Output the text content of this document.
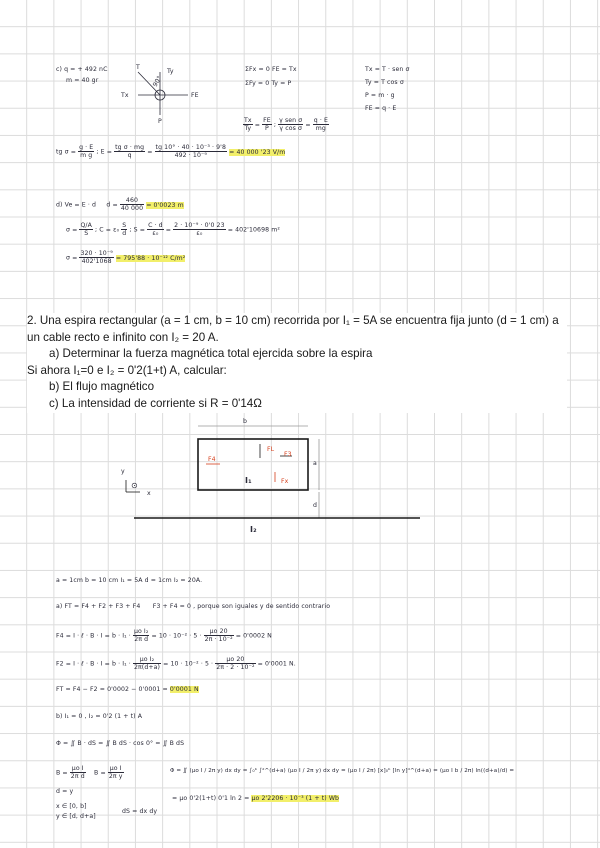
c) q = + 492 nC
m = 40 gr
T
Ty
Tx
90°
FE
P
ΣFx = 0 FE = Tx
ΣFy = 0 Ty = P
Tx = T · sen σ
Ty = T cos σ
P = m · g
FE = q · E
$\frac{Tx}{Ty} = \frac{FE}{P}$ ; $\frac{\text{γ sen σ}}{\text{γ cos σ}} = \frac{q \cdot E}{mg}$
tg $\sigma = \frac{g \cdot E}{\text{m g}}$ ; $E = \frac{\text{tg σ · mg}}{q} = \frac{\text{tg 10° · 40 · 10⁻³ · 9'8}}{\text{492 · 10⁻⁹}} = 40$ 000 '23 V/m
d) Ve = E · d $d = \frac{460}{40 000} = 0'0023$ m
$\sigma = \frac{Q/A}{S}$ ; $C = \varepsilon_0 \frac{S}{d}$ ; $S = \frac{C \cdot d}{\text{ε₀}} = \frac{\text{2 · 10⁻⁹ · 0'0 23}}{\text{ε₀}} = 402'10698$ m²
$\sigma = \frac{\text{320 · 10⁻⁹}}{402'1068} = 795'88 \cdot 10^{-12}$ C/m²

2. Una espira rectangular (a = 1 cm, b = 10 cm) recorrida por I₁ = 5A se encuentra fija junto (d = 1 cm) a un cable recto e infinito con I₂ = 20 A.

a) Determinar la fuerza magnética total ejercida sobre la espira

Si ahora I₁=0 e I₂ = 0'2(1+t) A, calcular:

b) El flujo magnético

c) La intensidad de corriente si R = 0'14Ω

b
a
d
FL
F3
F4
Fx
I₁
I₂
y
x
⊙
a = 1cm b = 10 cm I₁ = 5A d = 1cm I₂ = 20A.
a) FT = F4 + F2 + F3 + F4 F3 + F4 = 0 , porque son iguales y de sentido contrario
F4 = I · ℓ · $B \cdot I = b \cdot I_1 \cdot \frac{\text{μo I₂}}{\text{2π d}} = 10 \cdot 10^{-2} \cdot 5 \cdot \frac{\mu o 20}{\text{2π · 10⁻²}} = 0'0002$ N
F2 = I · ℓ · $B \cdot I = b \cdot I_1 \cdot \frac{\text{μo I₂}}{2\pi(d+a)} = 10 \cdot 10^{-2} \cdot 5 \cdot \frac{\mu o 20}{\text{2π · 2 · 10⁻²}} = 0'0001$ N.
FT = F4 − F2 = 0'0002 − 0'0001 = 0'0001 N
b) I₁ = 0 , I₂ = 0'2 (1 + t) A
Φ = ∬ B · dS = ∬ B dS · cos 0° = ∬ B dS
$B = \frac{\text{μo I}}{\text{2π d}}$ $B = \frac{\text{μo I}}{\text{2π y}}$
d = y
x ∈ [0, b]
y ∈ [d, d+a]
dS = dx dy
Φ = ∬ (μo I / 2π y) dx dy = ∫₀ᵇ ∫ᵈ^(d+a) (μo I / 2π y) dx dy = (μo I / 2π) [x]₀ᵇ [ln y]ᵈ^(d+a) = (μo I b / 2π) ln((d+a)/d) =
= μo 0'2(1+t) 0'1 ln 2 = μo 2'2206 · 10⁻³ (1 + t) Wb
